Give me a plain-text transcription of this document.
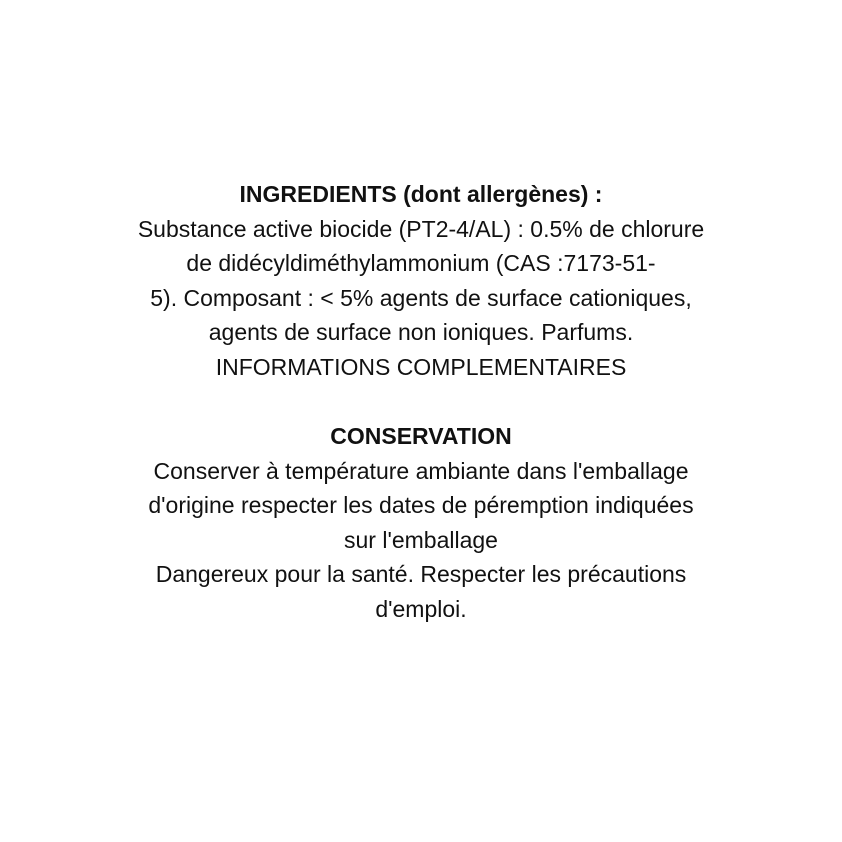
INGREDIENTS (dont allergènes) :
Substance active biocide (PT2-4/AL) : 0.5% de chlorure
de didécyldiméthylammonium (CAS :7173-51-
5). Composant : < 5% agents de surface cationiques,
agents de surface non ioniques. Parfums.
INFORMATIONS COMPLEMENTAIRES
CONSERVATION
Conserver à température ambiante dans l'emballage
d'origine respecter les dates de péremption indiquées
sur l'emballage
Dangereux pour la santé. Respecter les précautions
d'emploi.
